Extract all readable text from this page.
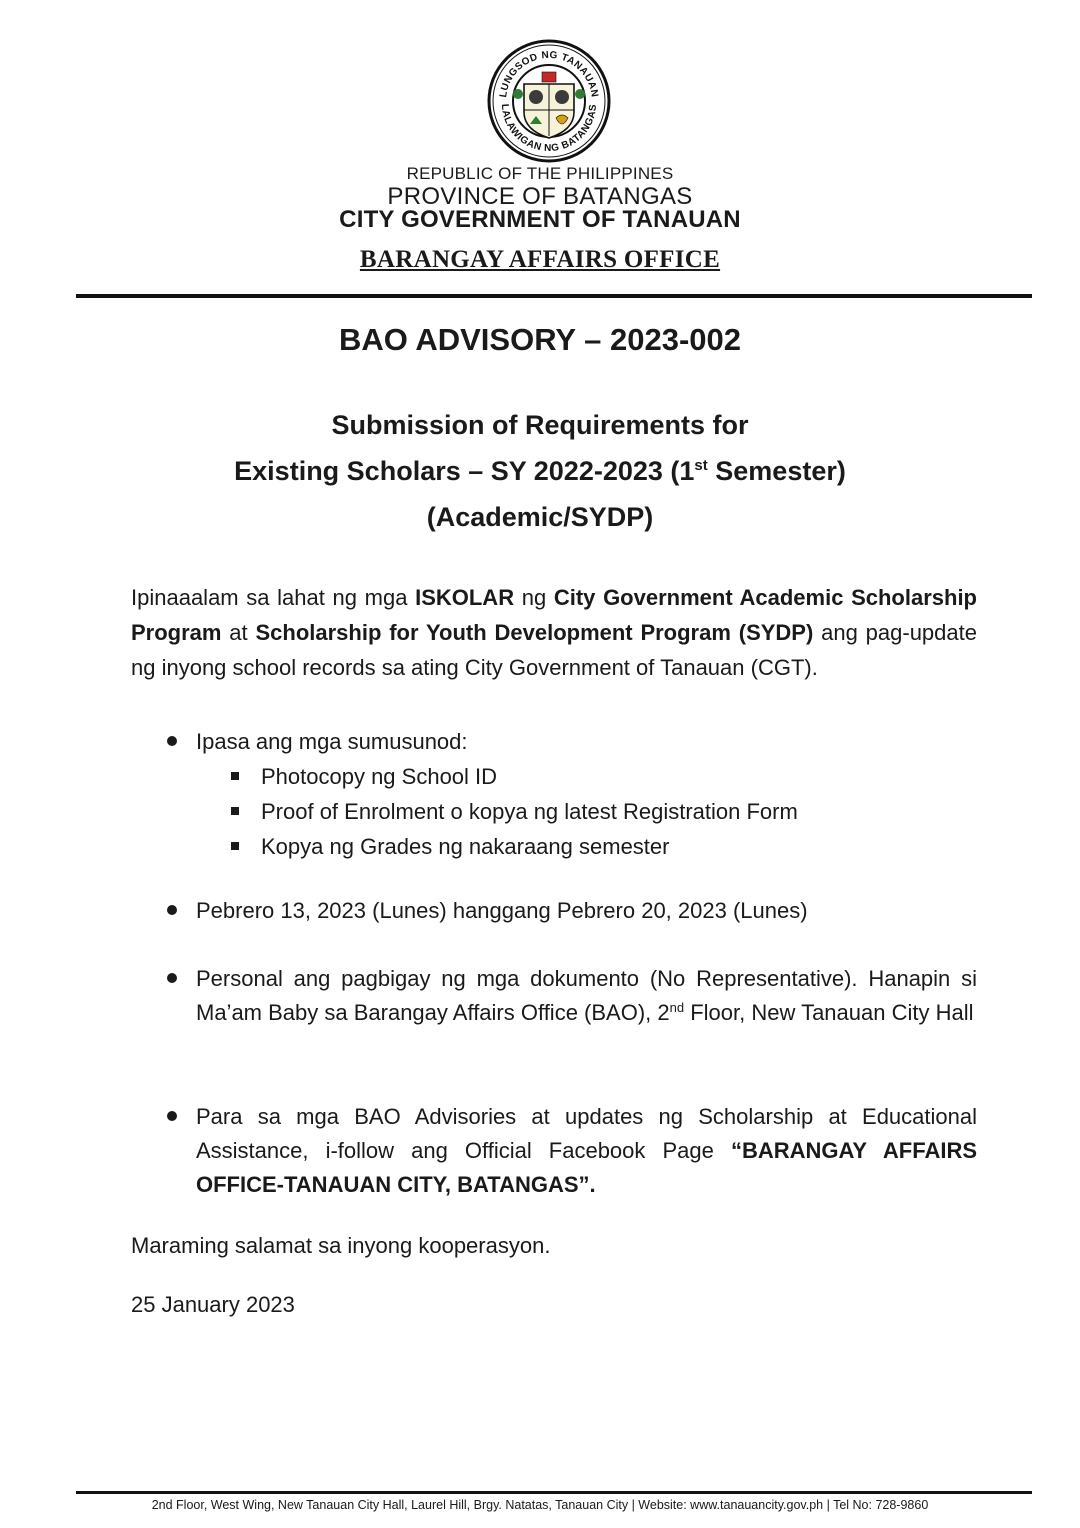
LUNGSOD NG TANAUAN
LALAWIGAN NG BATANGAS
REPUBLIC OF THE PHILIPPINES
PROVINCE OF BATANGAS
CITY GOVERNMENT OF TANAUAN
BARANGAY AFFAIRS OFFICE
BAO ADVISORY – 2023-002
Submission of Requirements for
Existing Scholars – SY 2022-2023 (1st Semester)
(Academic/SYDP)
Ipinaaalam sa lahat ng mga ISKOLAR ng City Government Academic Scholarship Program at Scholarship for Youth Development Program (SYDP) ang pag-update ng inyong school records sa ating City Government of Tanauan (CGT).
Ipasa ang mga sumusunod:
Photocopy ng School ID
Proof of Enrolment o kopya ng latest Registration Form
Kopya ng Grades ng nakaraang semester
Pebrero 13, 2023 (Lunes) hanggang Pebrero 20, 2023 (Lunes)
Personal ang pagbigay ng mga dokumento (No Representative). Hanapin si Ma’am Baby sa Barangay Affairs Office (BAO), 2nd Floor, New Tanauan City Hall
Para sa mga BAO Advisories at updates ng Scholarship at Educational Assistance, i-follow ang Official Facebook Page “BARANGAY AFFAIRS OFFICE-TANAUAN CITY, BATANGAS”.
Maraming salamat sa inyong kooperasyon.
25 January 2023
2nd Floor, West Wing, New Tanauan City Hall, Laurel Hill, Brgy. Natatas, Tanauan City | Website: www.tanauancity.gov.ph | Tel No: 728-9860
